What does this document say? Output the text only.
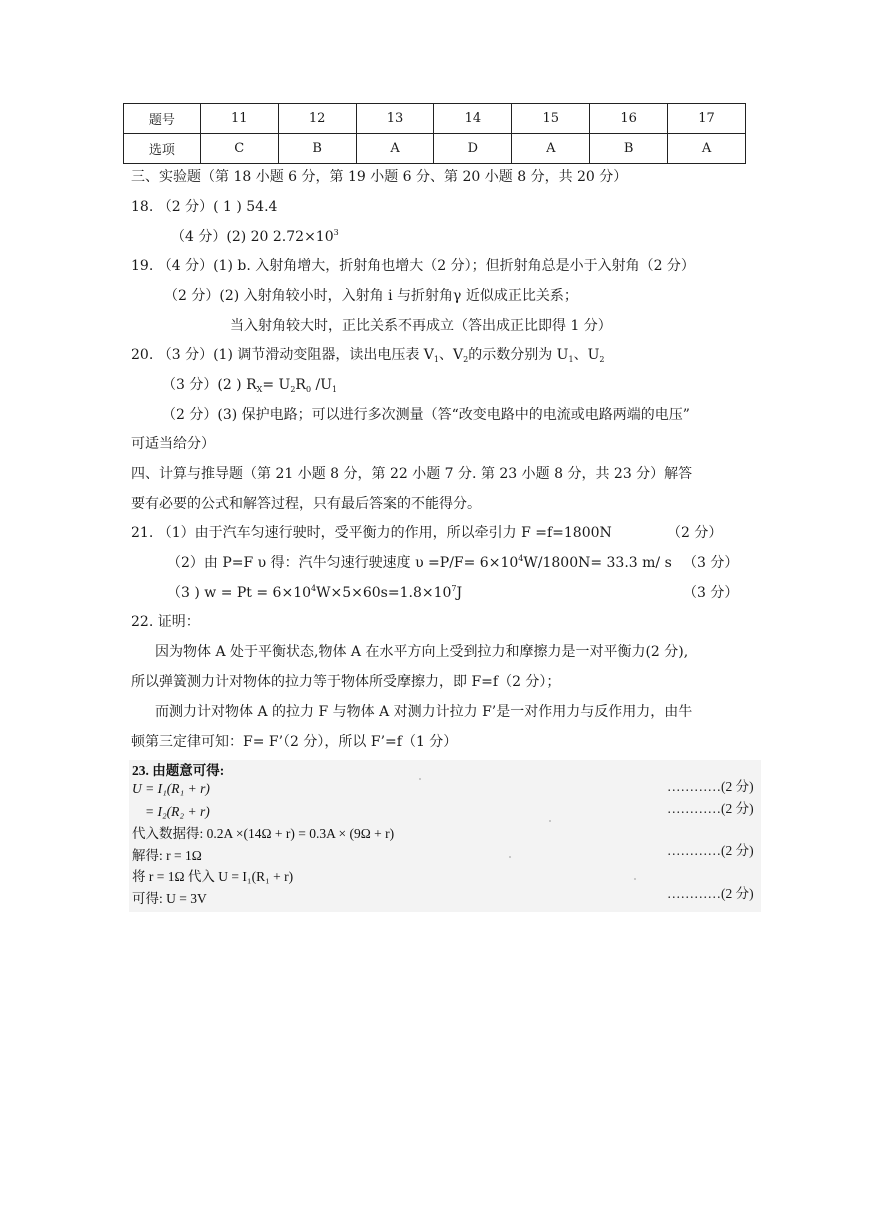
题号	11	12	13	14	15	16	17
选项	C	B	A	D	A	B	A
三、实验题（第 18 小题 6 分，第 19 小题 6 分、第 20 小题 8 分，共 20 分）
18. （2 分）( 1 ) 54.4
（4 分）(2) 20 $2.72\times 10^3$
19. （4 分）(1) b. 入射角增大，折射角也增大（2 分）；但折射角总是小于入射角（2 分）
（2 分）(2) 入射角较小时，入射角 i 与折射角γ 近似成正比关系；
当入射角较大时，正比关系不再成立（答出成正比即得 1 分）
20. （3 分）(1) 调节滑动变阻器，读出电压表 $V_1$、$V_2$的示数分别为 $U_1$、$U_2$
（3 分）(2 ) $R_X= U_2R_0$ $/U_1$
（2 分）(3) 保护电路；可以进行多次测量（答“改变电路中的电流或电路两端的电压”
可适当给分）
四、计算与推导题（第 21 小题 8 分，第 22 小题 7 分. 第 23 小题 8 分，共 23 分）解答
要有必要的公式和解答过程，只有最后答案的不能得分。
21. （1）由于汽车匀速行驶时，受平衡力的作用，所以牵引力 F =f=1800N	（2 分）
（2）由 P=F υ 得：汽牛匀速行驶速度 $\upsilon =P/F= 6\times 10^4W/1800N= 33.3$ m/ s （3 分）
（3 ) $w = Pt = 6\times 10^4W\times 5\times 60s=1.8\times 10^7J$	（3 分）
22. 证明：
因为物体 A 处于平衡状态,物体 A 在水平方向上受到拉力和摩擦力是一对平衡力(2 分),
所以弹簧测力计对物体的拉力等于物体所受摩擦力，即 F=f（2 分）；
而测力计对物体 A 的拉力 F 与物体 A 对测力计拉力 F’是一对作用力与反作用力，由牛
顿第三定律可知：F= F’（2 分），所以 F’=f（1 分）
23. 由题意可得:
U = I₁(R₁ + r)	…………(2 分)
= I₂(R₂ + r)	…………(2 分)
代入数据得: 0.2A ×(14Ω + r) = 0.3A × (9Ω + r)
解得: r = 1Ω	…………(2 分)
将 r = 1Ω 代入 U = I₁(R₁ + r)
可得: U = 3V	…………(2 分)
